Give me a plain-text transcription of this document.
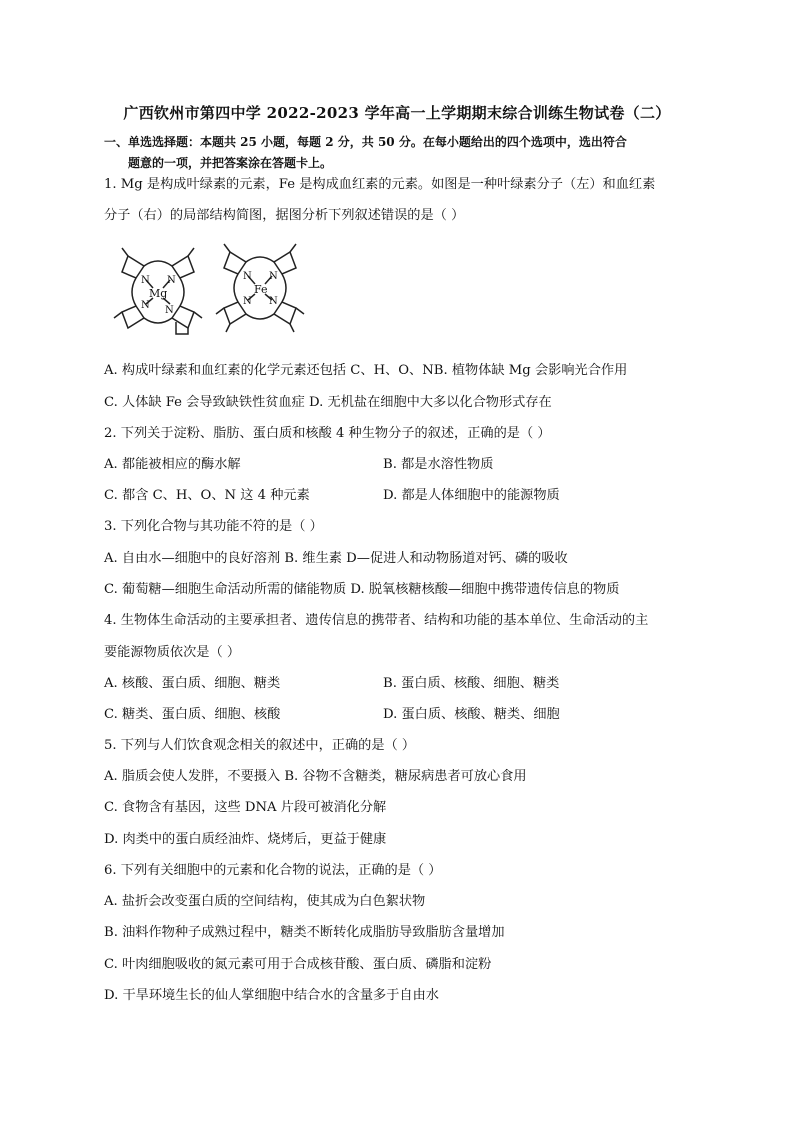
广西钦州市第四中学 2022-2023 学年高一上学期期末综合训练生物试卷（二）
一、单选选择题：本题共 25 小题，每题 2 分，共 50 分。在每小题给出的四个选项中，选出符合
题意的一项，并把答案涂在答题卡上。
1. Mg 是构成叶绿素的元素，Fe 是构成血红素的元素。如图是一种叶绿素分子（左）和血红素
分子（右）的局部结构简图，据图分析下列叙述错误的是（ ）
N N
N N
Mg
N N
N N
Fe
A. 构成叶绿素和血红素的化学元素还包括 C、H、O、NB. 植物体缺 Mg 会影响光合作用
C. 人体缺 Fe 会导致缺铁性贫血症 D. 无机盐在细胞中大多以化合物形式存在
2. 下列关于淀粉、脂肪、蛋白质和核酸 4 种生物分子的叙述，正确的是（ ）
A. 都能被相应的酶水解	B. 都是水溶性物质
C. 都含 C、H、O、N 这 4 种元素	D. 都是人体细胞中的能源物质
3. 下列化合物与其功能不符的是（ ）
A. 自由水—细胞中的良好溶剂 B. 维生素 D—促进人和动物肠道对钙、磷的吸收
C. 葡萄糖—细胞生命活动所需的储能物质 D. 脱氧核糖核酸—细胞中携带遗传信息的物质
4. 生物体生命活动的主要承担者、遗传信息的携带者、结构和功能的基本单位、生命活动的主
要能源物质依次是（ ）
A. 核酸、蛋白质、细胞、糖类	B. 蛋白质、核酸、细胞、糖类
C. 糖类、蛋白质、细胞、核酸	D. 蛋白质、核酸、糖类、细胞
5. 下列与人们饮食观念相关的叙述中，正确的是（ ）
A. 脂质会使人发胖，不要摄入 B. 谷物不含糖类，糖尿病患者可放心食用
C. 食物含有基因，这些 DNA 片段可被消化分解
D. 肉类中的蛋白质经油炸、烧烤后，更益于健康
6. 下列有关细胞中的元素和化合物的说法，正确的是（ ）
A. 盐折会改变蛋白质的空间结构，使其成为白色絮状物
B. 油料作物种子成熟过程中，糖类不断转化成脂肪导致脂肪含量增加
C. 叶肉细胞吸收的氮元素可用于合成核苷酸、蛋白质、磷脂和淀粉
D. 干旱环境生长的仙人掌细胞中结合水的含量多于自由水
